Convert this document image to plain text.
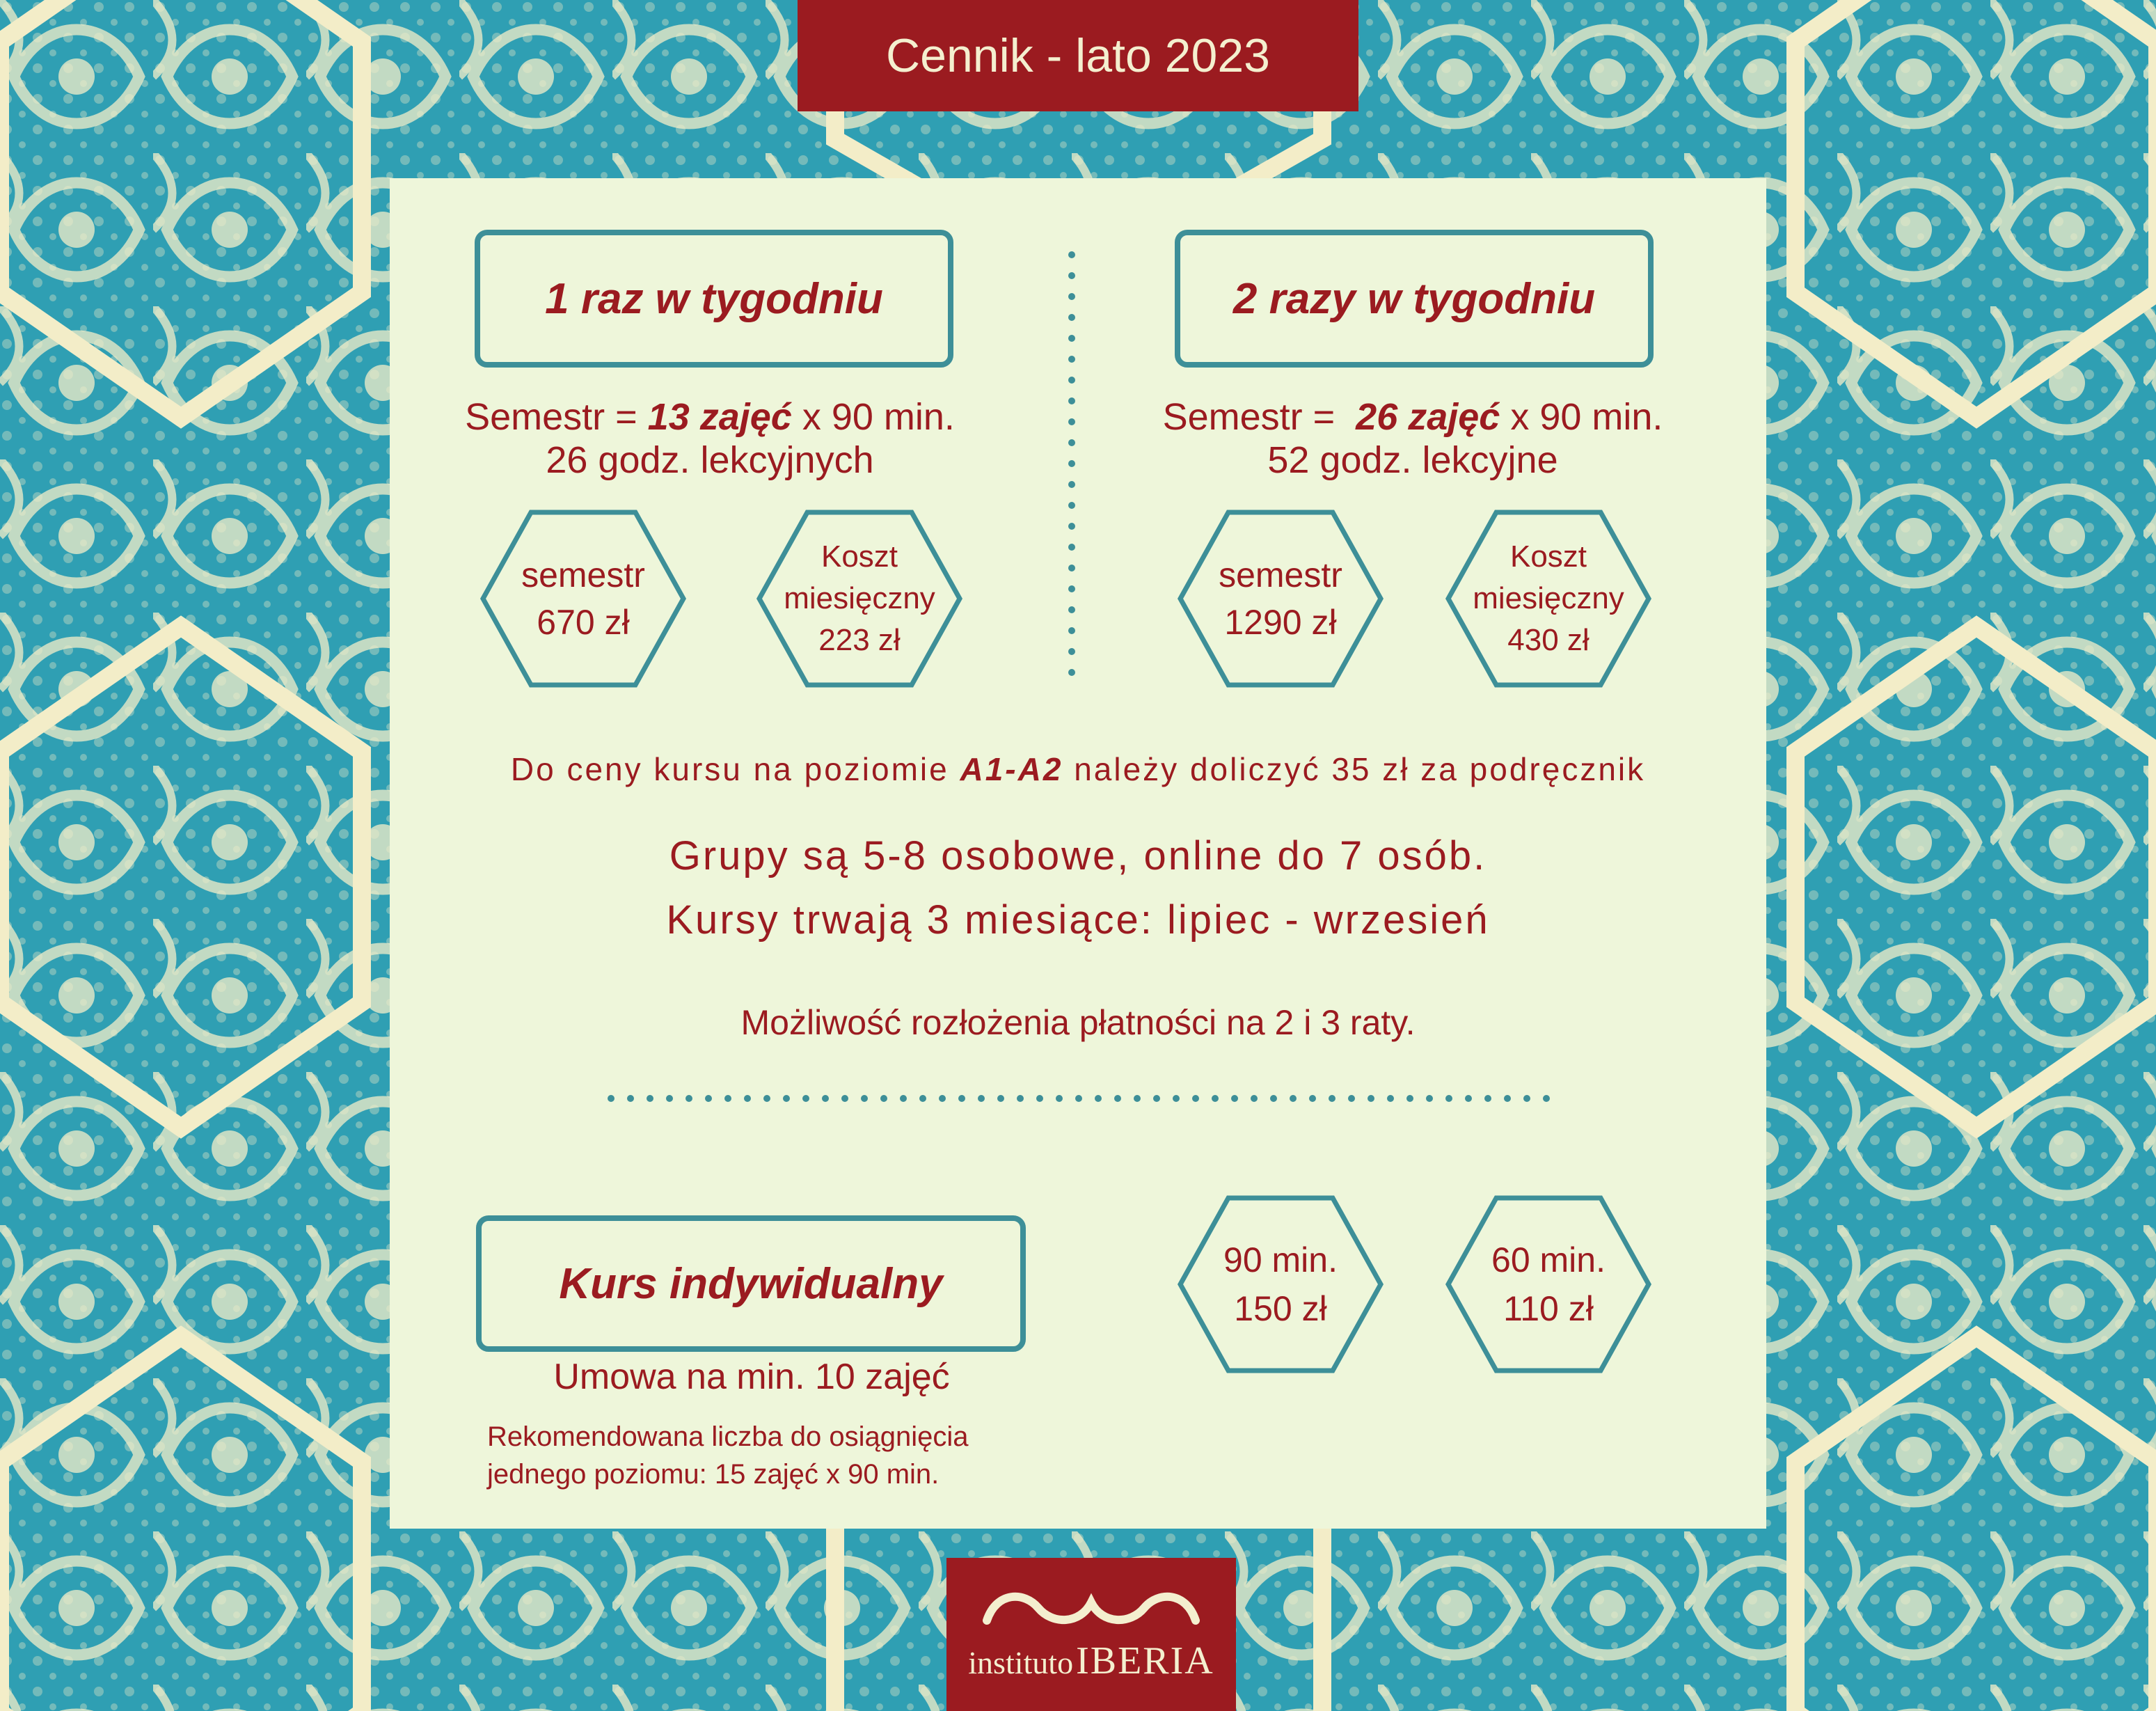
Cennik - lato 2023
1 raz w tygodniu
Semestr = 13 zajęć x 90 min.
26 godz. lekcyjnych
semestr
670 zł
Koszt
miesięczny
223 zł
2 razy w tygodniu
Semestr =  26 zajęć x 90 min.
52 godz. lekcyjne
semestr
1290 zł
Koszt
miesięczny
430 zł
Do ceny kursu na poziomie A1-A2 należy doliczyć 35 zł za podręcznik
Grupy są 5-8 osobowe, online do 7 osób.
Kursy trwają 3 miesiące: lipiec - wrzesień
Możliwość rozłożenia płatności na 2 i 3 raty.
Kurs indywidualny
Umowa na min. 10 zajęć
Rekomendowana liczba do osiągnięcia
jednego poziomu: 15 zajęć x 90 min.
90 min.
150 zł
60 min.
110 zł
instituto IBERIA
